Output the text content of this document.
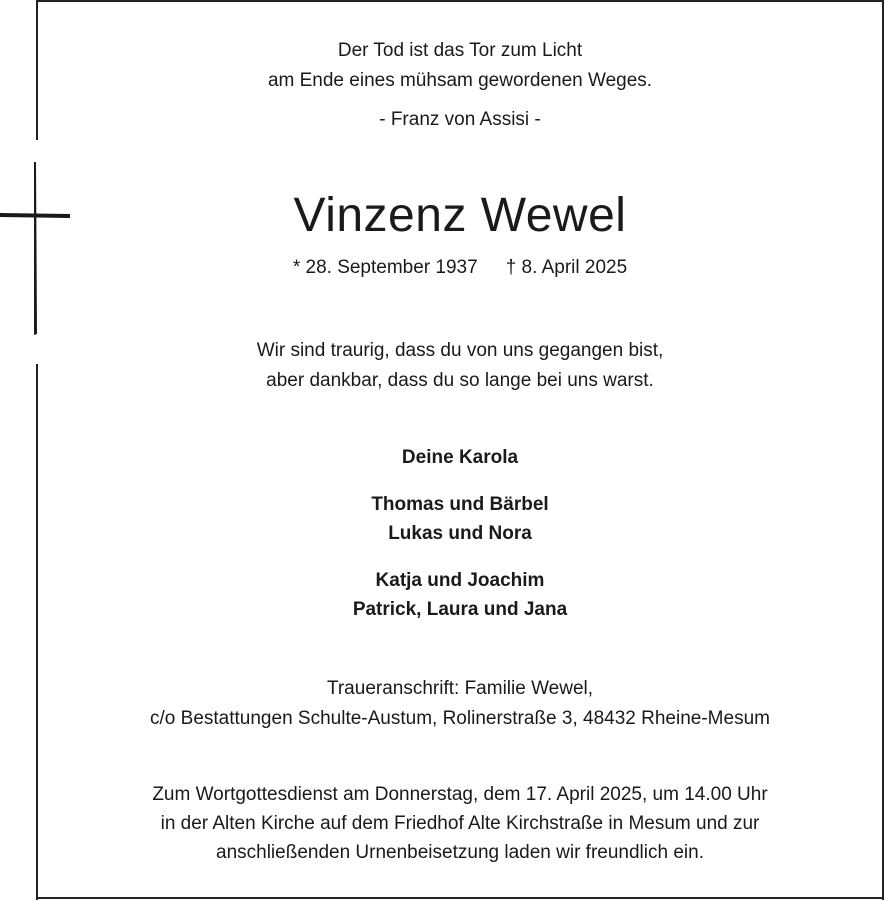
Der Tod ist das Tor zum Licht
am Ende eines mühsam gewordenen Weges.
- Franz von Assisi -
Vinzenz Wewel
* 28. September 1937 † 8. April 2025
Wir sind traurig, dass du von uns gegangen bist,
aber dankbar, dass du so lange bei uns warst.
Deine Karola
Thomas und Bärbel
Lukas und Nora
Katja und Joachim
Patrick, Laura und Jana
Traueranschrift: Familie Wewel,
c/o Bestattungen Schulte-Austum, Rolinerstraße 3, 48432 Rheine-Mesum
Zum Wortgottesdienst am Donnerstag, dem 17. April 2025, um 14.00 Uhr
in der Alten Kirche auf dem Friedhof Alte Kirchstraße in Mesum und zur
anschließenden Urnenbeisetzung laden wir freundlich ein.
